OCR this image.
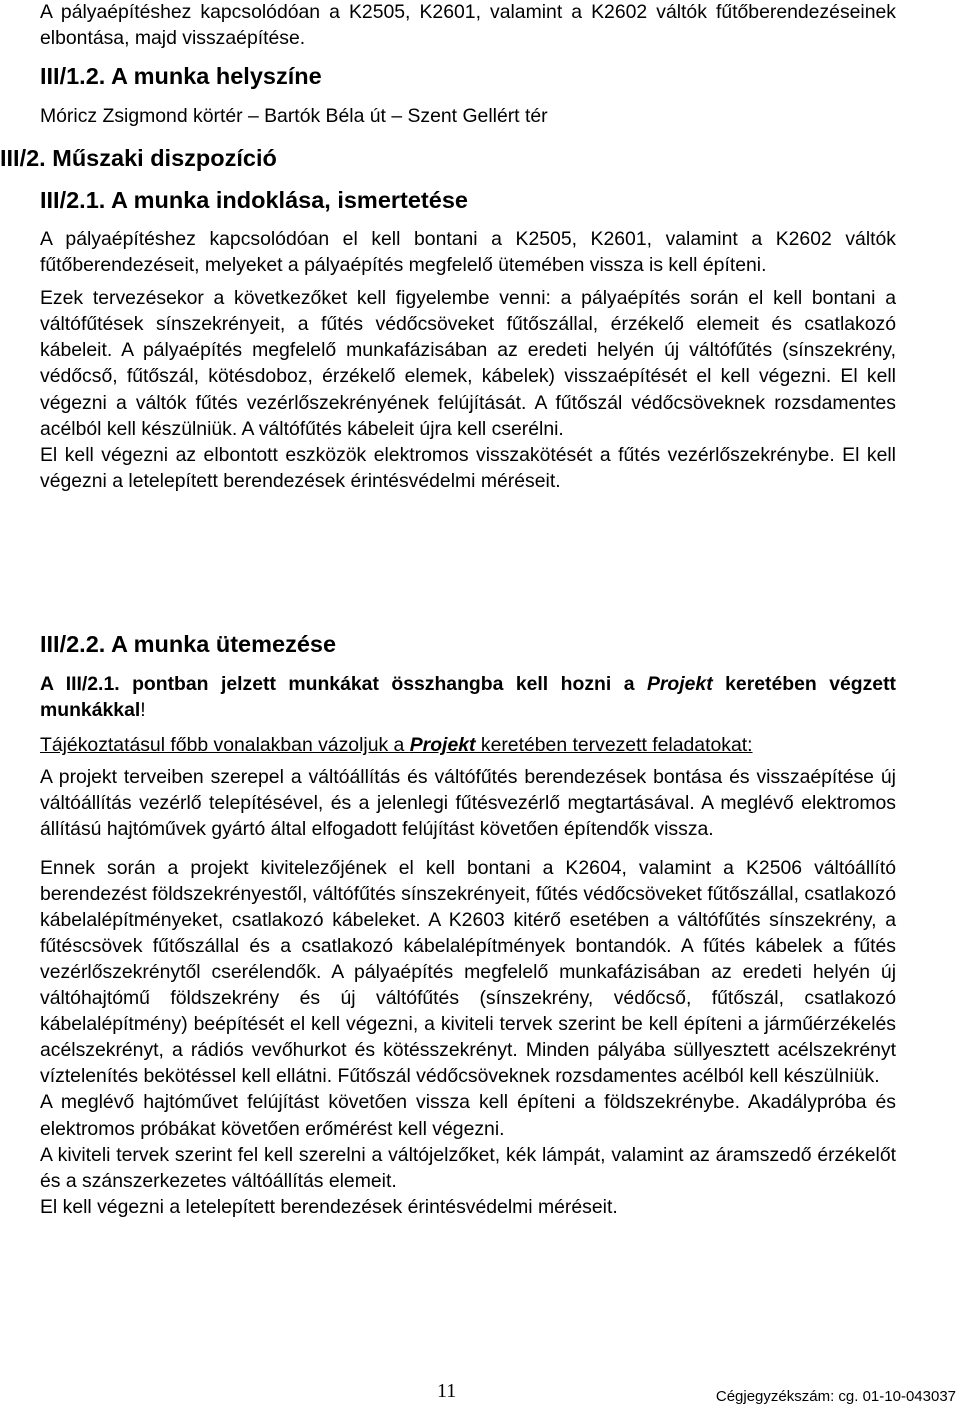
A pályaépítéshez kapcsolódóan a K2505, K2601, valamint a K2602 váltók fűtőberendezéseinek elbontása, majd visszaépítése.

III/1.2. A munka helyszíne
Móricz Zsigmond körtér – Bartók Béla út – Szent Gellért tér
III/2. Műszaki diszpozíció
III/2.1. A munka indoklása, ismertetése

A pályaépítéshez kapcsolódóan el kell bontani a K2505, K2601, valamint a K2602 váltók fűtőberendezéseit, melyeket a pályaépítés megfelelő ütemében vissza is kell építeni.

Ezek tervezésekor a következőket kell figyelembe venni: a pályaépítés során el kell bontani a váltófűtések sínszekrényeit, a fűtés védőcsöveket fűtőszállal, érzékelő elemeit és csatlakozó kábeleit. A pályaépítés megfelelő munkafázisában az eredeti helyén új váltófűtés (sínszekrény, védőcső, fűtőszál, kötésdoboz, érzékelő elemek, kábelek) visszaépítését el kell végezni. El kell végezni a váltók fűtés vezérlőszekrényének felújítását. A fűtőszál védőcsöveknek rozsdamentes acélból kell készülniük. A váltófűtés kábeleit újra kell cserélni.

El kell végezni az elbontott eszközök elektromos visszakötését a fűtés vezérlőszekrénybe. El kell végezni a letelepített berendezések érintésvédelmi méréseit.

III/2.2. A munka ütemezése

A III/2.1. pontban jelzett munkákat összhangba kell hozni a Projekt keretében végzett munkákkal!

Tájékoztatásul főbb vonalakban vázoljuk a Projekt keretében tervezett feladatokat:

A projekt terveiben szerepel a váltóállítás és váltófűtés berendezések bontása és visszaépítése új váltóállítás vezérlő telepítésével, és a jelenlegi fűtésvezérlő megtartásával. A meglévő elektromos állítású hajtóművek gyártó által elfogadott felújítást követően építendők vissza.

Ennek során a projekt kivitelezőjének el kell bontani a K2604, valamint a K2506 váltóállító berendezést földszekrényestől, váltófűtés sínszekrényeit, fűtés védőcsöveket fűtőszállal, csatlakozó kábelalépítményeket, csatlakozó kábeleket. A K2603 kitérő esetében a váltófűtés sínszekrény, a fűtéscsövek fűtőszállal és a csatlakozó kábelalépítmények bontandók. A fűtés kábelek a fűtés vezérlőszekrénytől cserélendők. A pályaépítés megfelelő munkafázisában az eredeti helyén új váltóhajtómű földszekrény és új váltófűtés (sínszekrény, védőcső, fűtőszál, csatlakozó kábelalépítmény) beépítését el kell végezni, a kiviteli tervek szerint be kell építeni a járműérzékelés acélszekrényt, a rádiós vevőhurkot és kötésszekrényt. Minden pályába süllyesztett acélszekrényt víztelenítés bekötéssel kell ellátni. Fűtőszál védőcsöveknek rozsdamentes acélból kell készülniük.

A meglévő hajtóművet felújítást követően vissza kell építeni a földszekrénybe. Akadálypróba és elektromos próbákat követően erőmérést kell végezni.

A kiviteli tervek szerint fel kell szerelni a váltójelzőket, kék lámpát, valamint az áramszedő érzékelőt és a szánszerkezetes váltóállítás elemeit.

El kell végezni a letelepített berendezések érintésvédelmi méréseit.

11	Cégjegyzékszám: cg. 01-10-043037
